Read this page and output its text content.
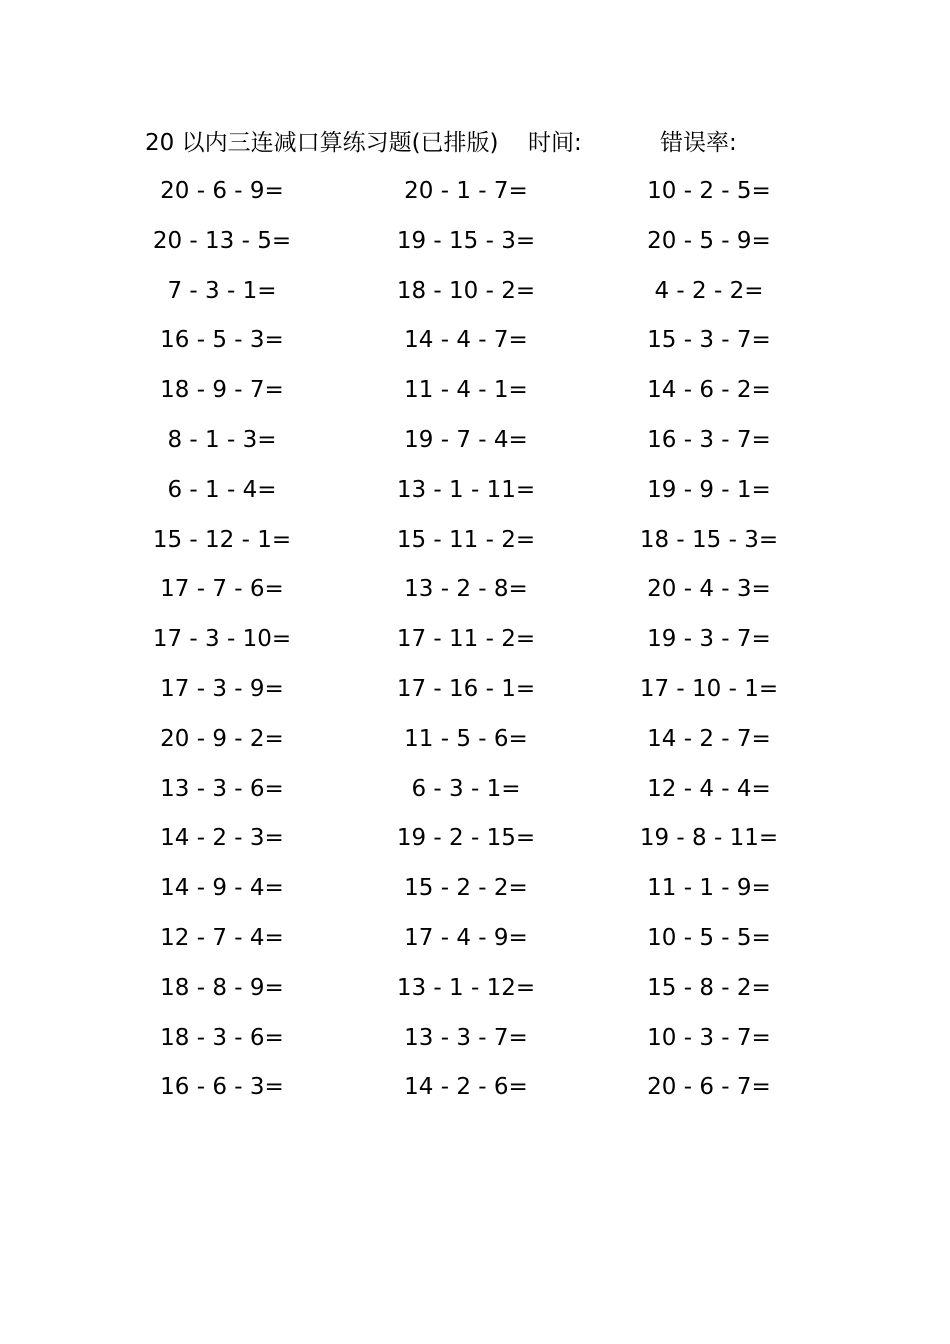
20 以内三连减口算练习题(已排版) 时间:	错误率:
20 - 6 - 9=	20 - 1 - 7=	10 - 2 - 5=
20 - 13 - 5=	19 - 15 - 3=	20 - 5 - 9=
7 - 3 - 1=	18 - 10 - 2=	4 - 2 - 2=
16 - 5 - 3=	14 - 4 - 7=	15 - 3 - 7=
18 - 9 - 7=	11 - 4 - 1=	14 - 6 - 2=
8 - 1 - 3=	19 - 7 - 4=	16 - 3 - 7=
6 - 1 - 4=	13 - 1 - 11=	19 - 9 - 1=
15 - 12 - 1=	15 - 11 - 2=	18 - 15 - 3=
17 - 7 - 6=	13 - 2 - 8=	20 - 4 - 3=
17 - 3 - 10=	17 - 11 - 2=	19 - 3 - 7=
17 - 3 - 9=	17 - 16 - 1=	17 - 10 - 1=
20 - 9 - 2=	11 - 5 - 6=	14 - 2 - 7=
13 - 3 - 6=	6 - 3 - 1=	12 - 4 - 4=
14 - 2 - 3=	19 - 2 - 15=	19 - 8 - 11=
14 - 9 - 4=	15 - 2 - 2=	11 - 1 - 9=
12 - 7 - 4=	17 - 4 - 9=	10 - 5 - 5=
18 - 8 - 9=	13 - 1 - 12=	15 - 8 - 2=
18 - 3 - 6=	13 - 3 - 7=	10 - 3 - 7=
16 - 6 - 3=	14 - 2 - 6=	20 - 6 - 7=
